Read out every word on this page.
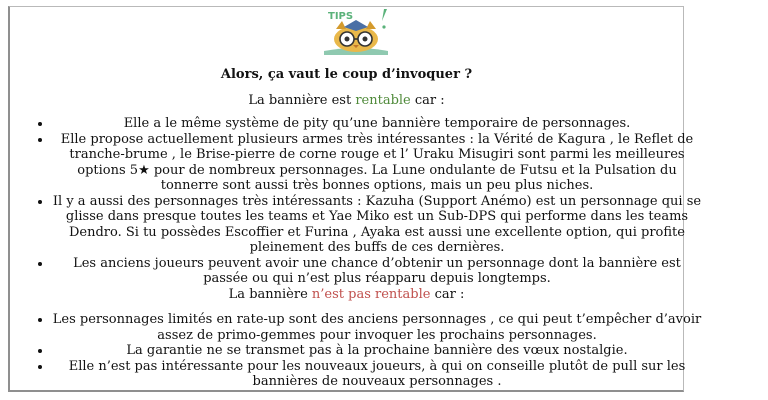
TIPS
Alors, ça vaut le coup d’invoquer ?
La bannière est rentable car :
• Elle a le même système de pity qu’une bannière temporaire de personnages.
• Elle propose actuellement plusieurs armes très intéressantes : la Vérité de Kagura , le Reflet de tranche-brume , le Brise-pierre de corne rouge et l’ Uraku Misugiri sont parmi les meilleures options 5★ pour de nombreux personnages. La Lune ondulante de Futsu et la Pulsation du tonnerre sont aussi très bonnes options, mais un peu plus niches.
• Il y a aussi des personnages très intéressants : Kazuha (Support Anémo) est un personnage qui se glisse dans presque toutes les teams et Yae Miko est un Sub-DPS qui performe dans les teams Dendro. Si tu possèdes Escoffier et Furina , Ayaka est aussi une excellente option, qui profite pleinement des buffs de ces dernières.
• Les anciens joueurs peuvent avoir une chance d’obtenir un personnage dont la bannière est passée ou qui n’est plus réapparu depuis longtemps.
La bannière n’est pas rentable car :
• Les personnages limités en rate-up sont des anciens personnages , ce qui peut t’empêcher d’avoir assez de primo-gemmes pour invoquer les prochains personnages.
• La garantie ne se transmet pas à la prochaine bannière des vœux nostalgie.
• Elle n’est pas intéressante pour les nouveaux joueurs, à qui on conseille plutôt de pull sur les bannières de nouveaux personnages .
